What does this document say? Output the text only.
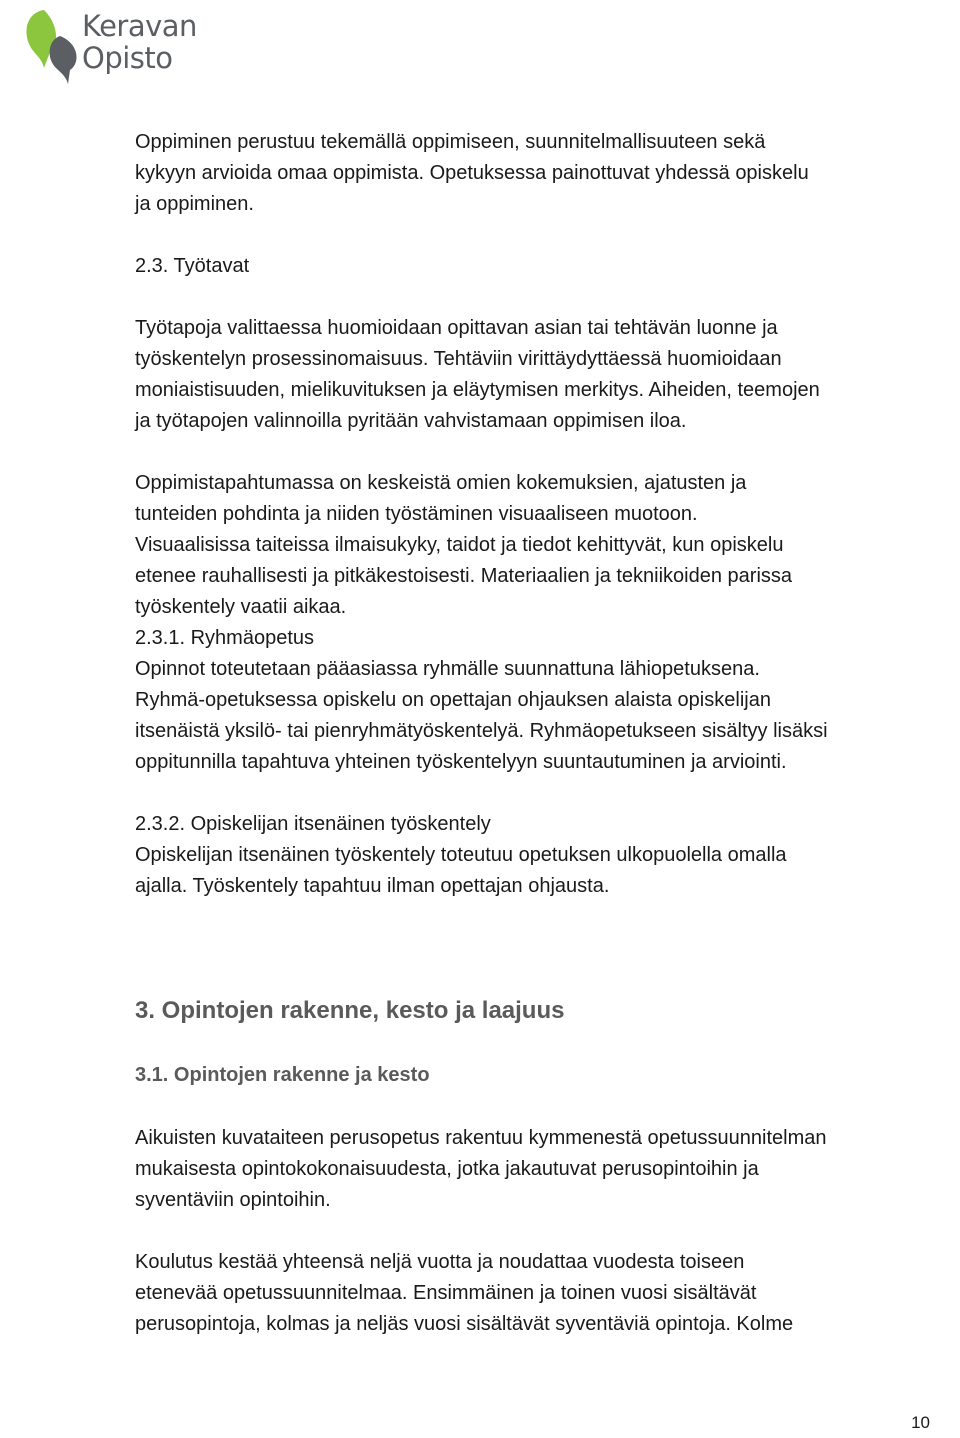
Keravan
Opisto

Oppiminen perustuu tekemällä oppimiseen, suunnitelmallisuuteen sekä

kykyyn arvioida omaa oppimista. Opetuksessa painottuvat yhdessä opiskelu

ja oppiminen.

2.3. Työtavat

Työtapoja valittaessa huomioidaan opittavan asian tai tehtävän luonne ja

työskentelyn prosessinomaisuus. Tehtäviin virittäydyttäessä huomioidaan

moniaistisuuden, mielikuvituksen ja eläytymisen merkitys. Aiheiden, teemojen

ja työtapojen valinnoilla pyritään vahvistamaan oppimisen iloa.

Oppimistapahtumassa on keskeistä omien kokemuksien, ajatusten ja

tunteiden pohdinta ja niiden työstäminen visuaaliseen muotoon.

Visuaalisissa taiteissa ilmaisukyky, taidot ja tiedot kehittyvät, kun opiskelu

etenee rauhallisesti ja pitkäkestoisesti. Materiaalien ja tekniikoiden parissa

työskentely vaatii aikaa.

2.3.1. Ryhmäopetus

Opinnot toteutetaan pääasiassa ryhmälle suunnattuna lähiopetuksena.

Ryhmä-opetuksessa opiskelu on opettajan ohjauksen alaista opiskelijan

itsenäistä yksilö- tai pienryhmätyöskentelyä. Ryhmäopetukseen sisältyy lisäksi

oppitunnilla tapahtuva yhteinen työskentelyyn suuntautuminen ja arviointi.

2.3.2. Opiskelijan itsenäinen työskentely

Opiskelijan itsenäinen työskentely toteutuu opetuksen ulkopuolella omalla

ajalla. Työskentely tapahtuu ilman opettajan ohjausta.

3. Opintojen rakenne, kesto ja laajuus
3.1. Opintojen rakenne ja kesto

Aikuisten kuvataiteen perusopetus rakentuu kymmenestä opetussuunnitelman

mukaisesta opintokokonaisuudesta, jotka jakautuvat perusopintoihin ja

syventäviin opintoihin.

Koulutus kestää yhteensä neljä vuotta ja noudattaa vuodesta toiseen

etenevää opetussuunnitelmaa. Ensimmäinen ja toinen vuosi sisältävät

perusopintoja, kolmas ja neljäs vuosi sisältävät syventäviä opintoja. Kolme

10
